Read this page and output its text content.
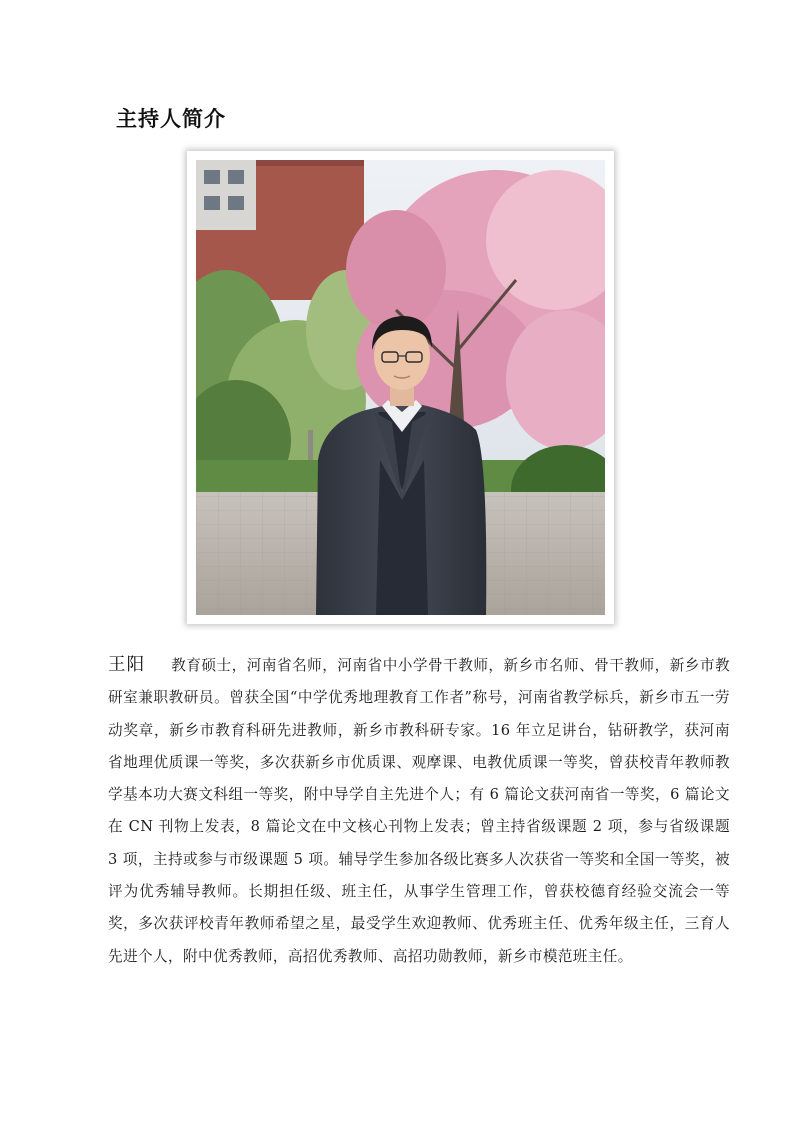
主持人简介

王阳 教育硕士，河南省名师，河南省中小学骨干教师，新乡市名师、骨干教师，新乡市教研室兼职教研员。曾获全国“中学优秀地理教育工作者”称号，河南省教学标兵，新乡市五一劳动奖章，新乡市教育科研先进教师，新乡市教科研专家。16 年立足讲台，钻研教学，获河南省地理优质课一等奖，多次获新乡市优质课、观摩课、电教优质课一等奖，曾获校青年教师教学基本功大赛文科组一等奖，附中导学自主先进个人；有 6 篇论文获河南省一等奖，6 篇论文在 CN 刊物上发表，8 篇论文在中文核心刊物上发表；曾主持省级课题 2 项，参与省级课题 3 项，主持或参与市级课题 5 项。辅导学生参加各级比赛多人次获省一等奖和全国一等奖，被评为优秀辅导教师。长期担任级、班主任，从事学生管理工作，曾获校德育经验交流会一等奖，多次获评校青年教师希望之星，最受学生欢迎教师、优秀班主任、优秀年级主任，三育人先进个人，附中优秀教师，高招优秀教师、高招功勋教师，新乡市模范班主任。
